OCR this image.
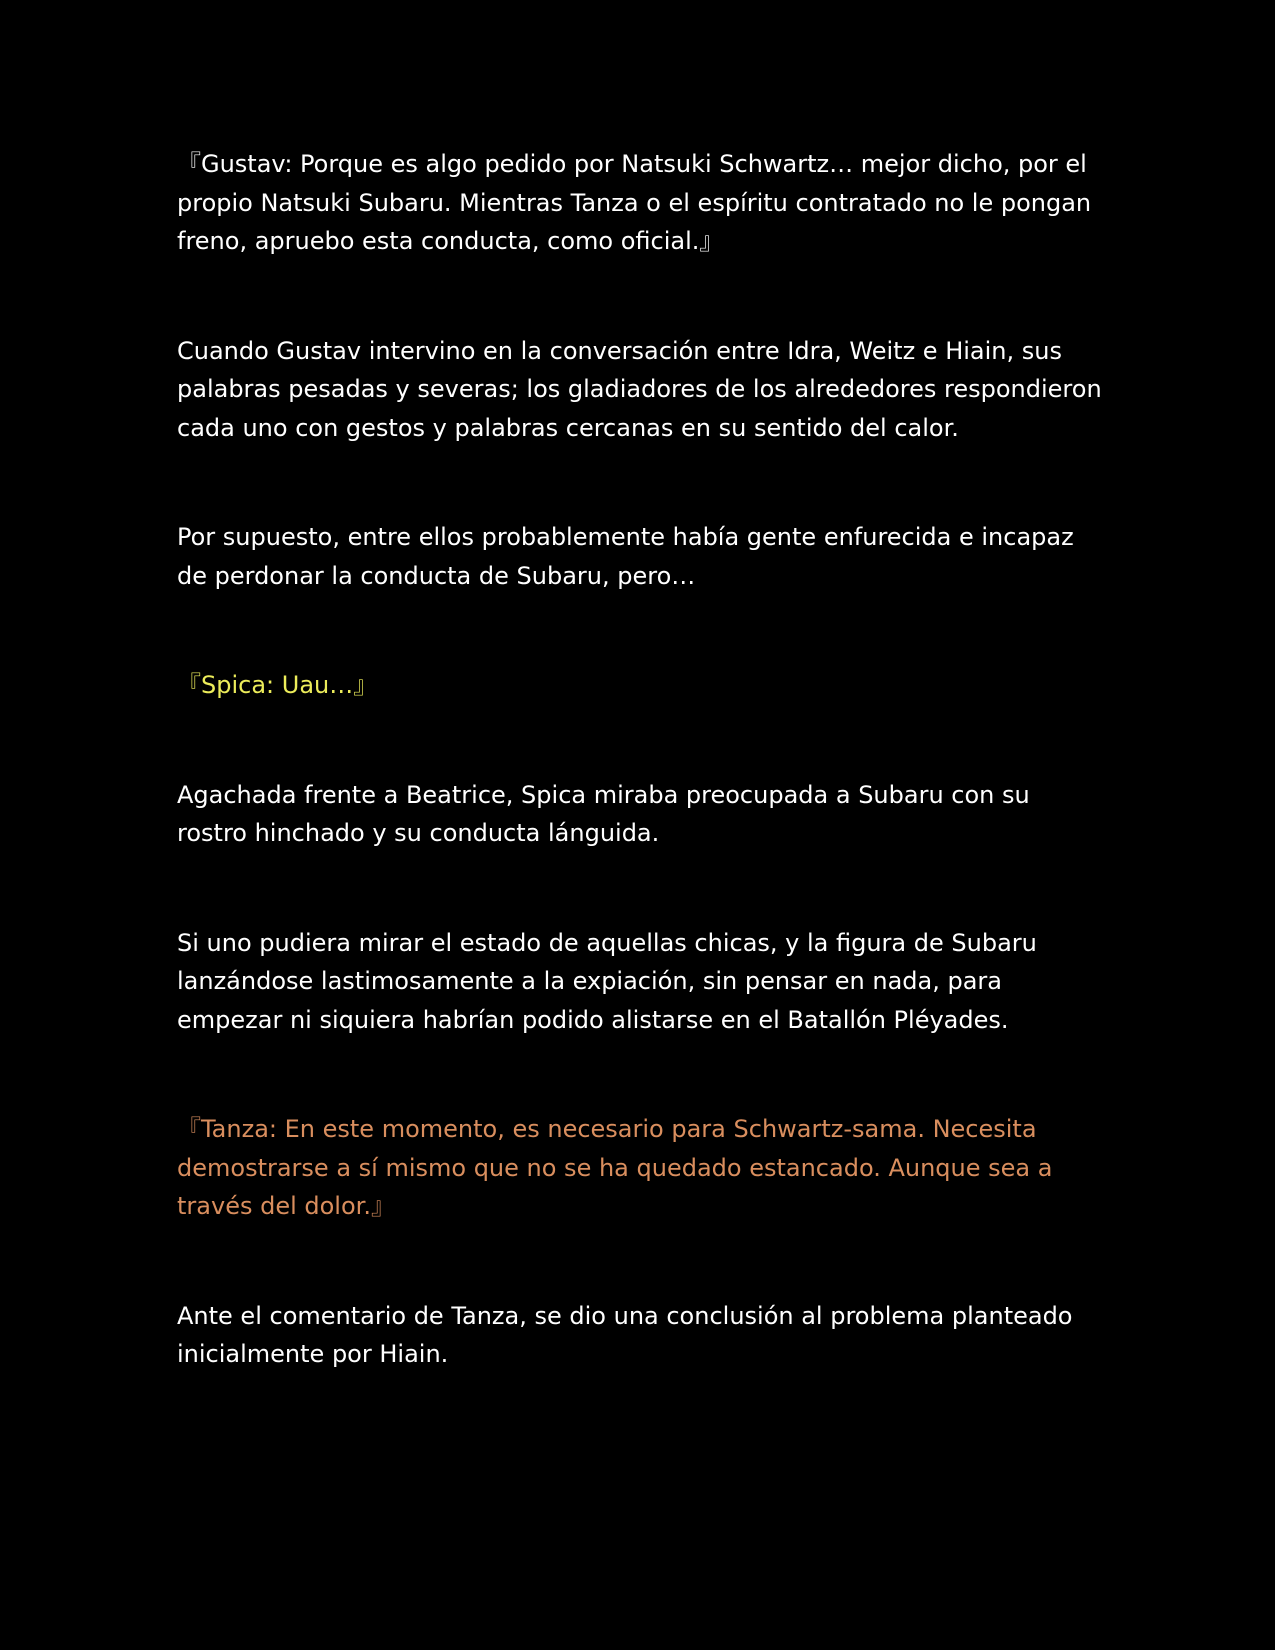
『Gustav: Porque es algo pedido por Natsuki Schwartz… mejor dicho, por el propio Natsuki Subaru. Mientras Tanza o el espíritu contratado no le pongan freno, apruebo esta conducta, como oficial.』

Cuando Gustav intervino en la conversación entre Idra, Weitz e Hiain, sus palabras pesadas y severas; los gladiadores de los alrededores respondieron cada uno con gestos y palabras cercanas en su sentido del calor.

Por supuesto, entre ellos probablemente había gente enfurecida e incapaz de perdonar la conducta de Subaru, pero…

『Spica: Uau…』

Agachada frente a Beatrice, Spica miraba preocupada a Subaru con su rostro hinchado y su conducta lánguida.

Si uno pudiera mirar el estado de aquellas chicas, y la figura de Subaru lanzándose lastimosamente a la expiación, sin pensar en nada, para empezar ni siquiera habrían podido alistarse en el Batallón Pléyades.

『Tanza: En este momento, es necesario para Schwartz-sama. Necesita demostrarse a sí mismo que no se ha quedado estancado. Aunque sea a través del dolor.』

Ante el comentario de Tanza, se dio una conclusión al problema planteado inicialmente por Hiain.
